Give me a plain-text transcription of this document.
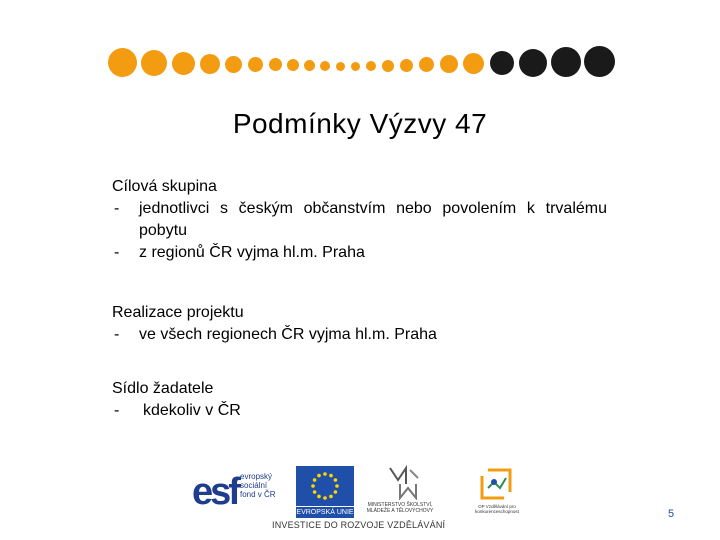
Podmínky Výzvy 47
Cílová skupina
- jednotlivci s českým občanstvím nebo povolením k trvalému pobytu
- z regionů ČR vyjma hl.m. Praha
Realizace projektu
- ve všech regionech ČR vyjma hl.m. Praha
Sídlo žadatele
- kdekoliv v ČR
esf evropský sociální fond v ČR
EVROPSKÁ UNIE
MINISTERSTVO ŠKOLSTVÍ, MLÁDEŽE A TĚLOVÝCHOVY
OP Vzdělávání pro konkurenceschopnost
INVESTICE DO ROZVOJE VZDĚLÁVÁNÍ
5
